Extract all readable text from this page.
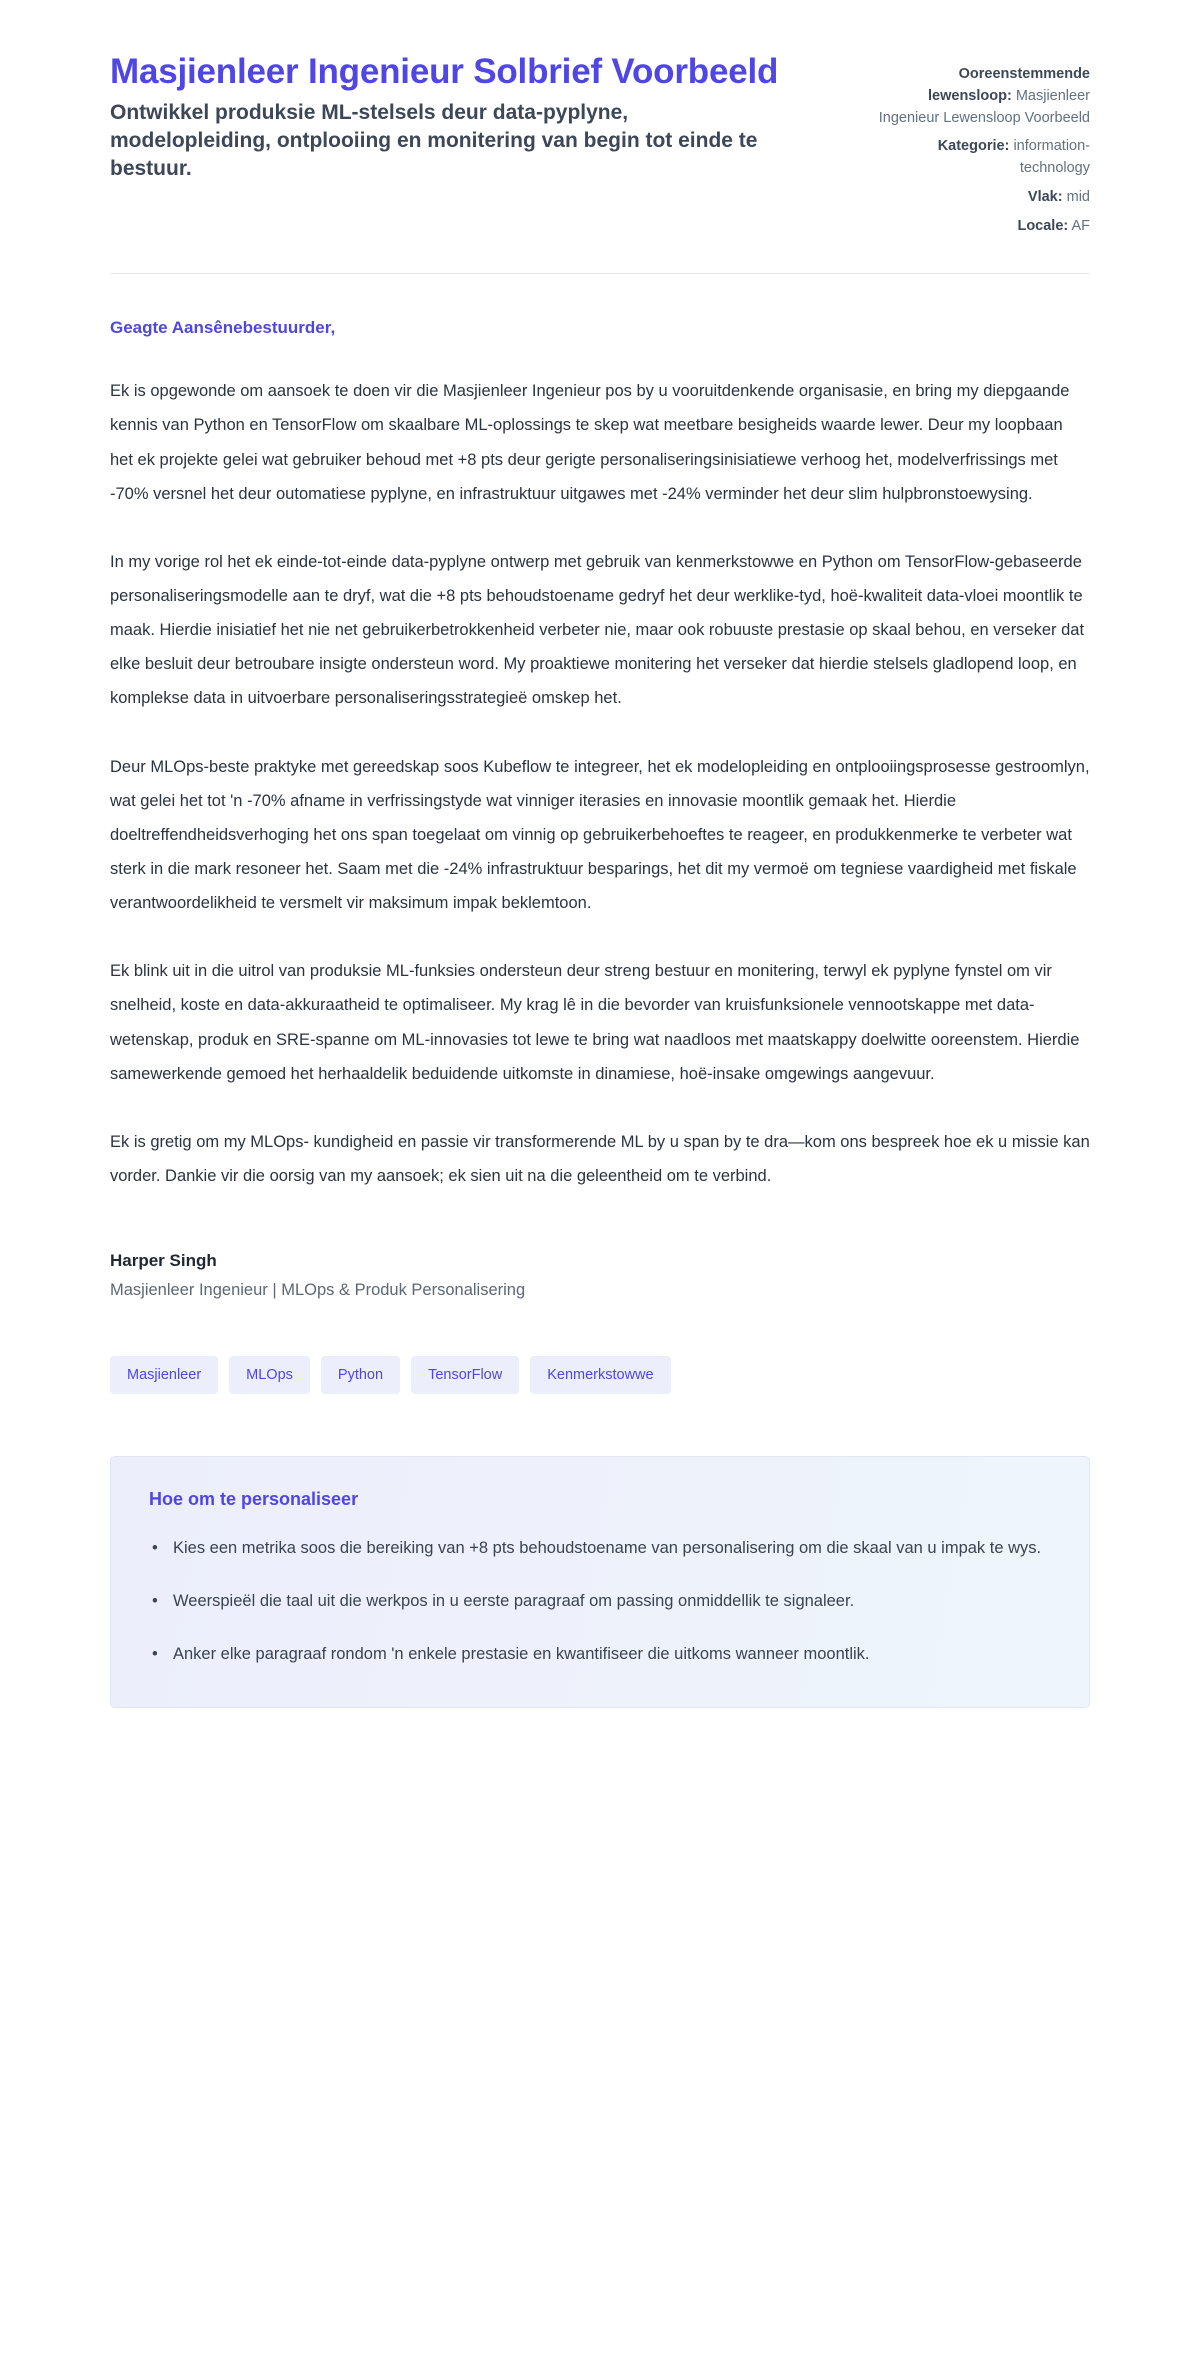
Masjienleer Ingenieur Solbrief Voorbeeld

Ontwikkel produksie ML-stelsels deur data-pyplyne, modelopleiding, ontplooiing en monitering van begin tot einde te bestuur.

Ooreenstemmende lewensloop: Masjienleer Ingenieur Lewensloop Voorbeeld
Kategorie: information-technology
Vlak: mid
Locale: AF

Geagte Aansênebestuurder,

Ek is opgewonde om aansoek te doen vir die Masjienleer Ingenieur pos by u vooruitdenkende organisasie, en bring my diepgaande kennis van Python en TensorFlow om skaalbare ML-oplossings te skep wat meetbare besigheids waarde lewer. Deur my loopbaan het ek projekte gelei wat gebruiker behoud met +8 pts deur gerigte personaliseringsinisiatiewe verhoog het, modelverfrissings met -70% versnel het deur outomatiese pyplyne, en infrastruktuur uitgawes met -24% verminder het deur slim hulpbronstoewysing.

In my vorige rol het ek einde-tot-einde data-pyplyne ontwerp met gebruik van kenmerkstowwe en Python om TensorFlow-gebaseerde personaliseringsmodelle aan te dryf, wat die +8 pts behoudstoename gedryf het deur werklike-tyd, hoë-kwaliteit data-vloei moontlik te maak. Hierdie inisiatief het nie net gebruikerbetrokkenheid verbeter nie, maar ook robuuste prestasie op skaal behou, en verseker dat elke besluit deur betroubare insigte ondersteun word. My proaktiewe monitering het verseker dat hierdie stelsels gladlopend loop, en komplekse data in uitvoerbare personaliseringsstrategieë omskep het.

Deur MLOps-beste praktyke met gereedskap soos Kubeflow te integreer, het ek modelopleiding en ontplooiingsprosesse gestroomlyn, wat gelei het tot 'n -70% afname in verfrissingstyde wat vinniger iterasies en innovasie moontlik gemaak het. Hierdie doeltreffendheidsverhoging het ons span toegelaat om vinnig op gebruikerbehoeftes te reageer, en produkkenmerke te verbeter wat sterk in die mark resoneer het. Saam met die -24% infrastruktuur besparings, het dit my vermoë om tegniese vaardigheid met fiskale verantwoordelikheid te versmelt vir maksimum impak beklemtoon.

Ek blink uit in die uitrol van produksie ML-funksies ondersteun deur streng bestuur en monitering, terwyl ek pyplyne fynstel om vir snelheid, koste en data-akkuraatheid te optimaliseer. My krag lê in die bevorder van kruisfunksionele vennootskappe met data-wetenskap, produk en SRE-spanne om ML-innovasies tot lewe te bring wat naadloos met maatskappy doelwitte ooreenstem. Hierdie samewerkende gemoed het herhaaldelik beduidende uitkomste in dinamiese, hoë-insake omgewings aangevuur.

Ek is gretig om my MLOps- kundigheid en passie vir transformerende ML by u span by te dra—kom ons bespreek hoe ek u missie kan vorder. Dankie vir die oorsig van my aansoek; ek sien uit na die geleentheid om te verbind.

Harper Singh

Masjienleer Ingenieur | MLOps & Produk Personalisering

Masjienleer	MLOps	Python	TensorFlow	Kenmerkstowwe
Hoe om te personaliseer
• Kies een metrika soos die bereiking van +8 pts behoudstoename van personalisering om die skaal van u impak te wys.
• Weerspieël die taal uit die werkpos in u eerste paragraaf om passing onmiddellik te signaleer.
• Anker elke paragraaf rondom 'n enkele prestasie en kwantifiseer die uitkoms wanneer moontlik.
